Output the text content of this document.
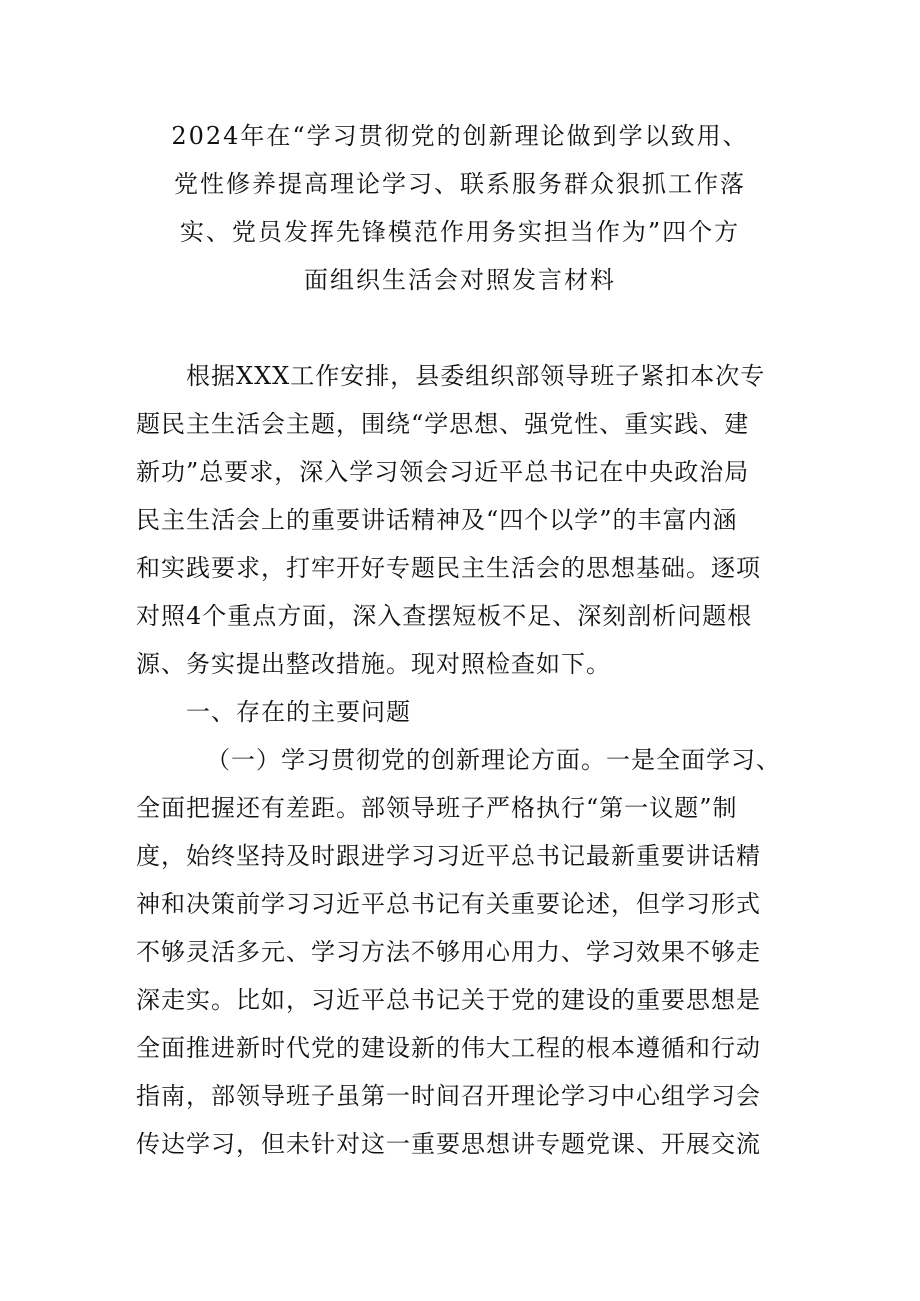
2024年在“学习贯彻党的创新理论做到学以致用、
党性修养提高理论学习、联系服务群众狠抓工作落
实、党员发挥先锋模范作用务实担当作为”四个方
面组织生活会对照发言材料
根据XXX工作安排，县委组织部领导班子紧扣本次专
题民主生活会主题，围绕“学思想、强党性、重实践、建
新功”总要求，深入学习领会习近平总书记在中央政治局
民主生活会上的重要讲话精神及“四个以学”的丰富内涵
和实践要求，打牢开好专题民主生活会的思想基础。逐项
对照4个重点方面，深入查摆短板不足、深刻剖析问题根
源、务实提出整改措施。现对照检查如下。
一、存在的主要问题
（一）学习贯彻党的创新理论方面。一是全面学习、
全面把握还有差距。部领导班子严格执行“第一议题”制
度，始终坚持及时跟进学习习近平总书记最新重要讲话精
神和决策前学习习近平总书记有关重要论述，但学习形式
不够灵活多元、学习方法不够用心用力、学习效果不够走
深走实。比如，习近平总书记关于党的建设的重要思想是
全面推进新时代党的建设新的伟大工程的根本遵循和行动
指南，部领导班子虽第一时间召开理论学习中心组学习会
传达学习，但未针对这一重要思想讲专题党课、开展交流
